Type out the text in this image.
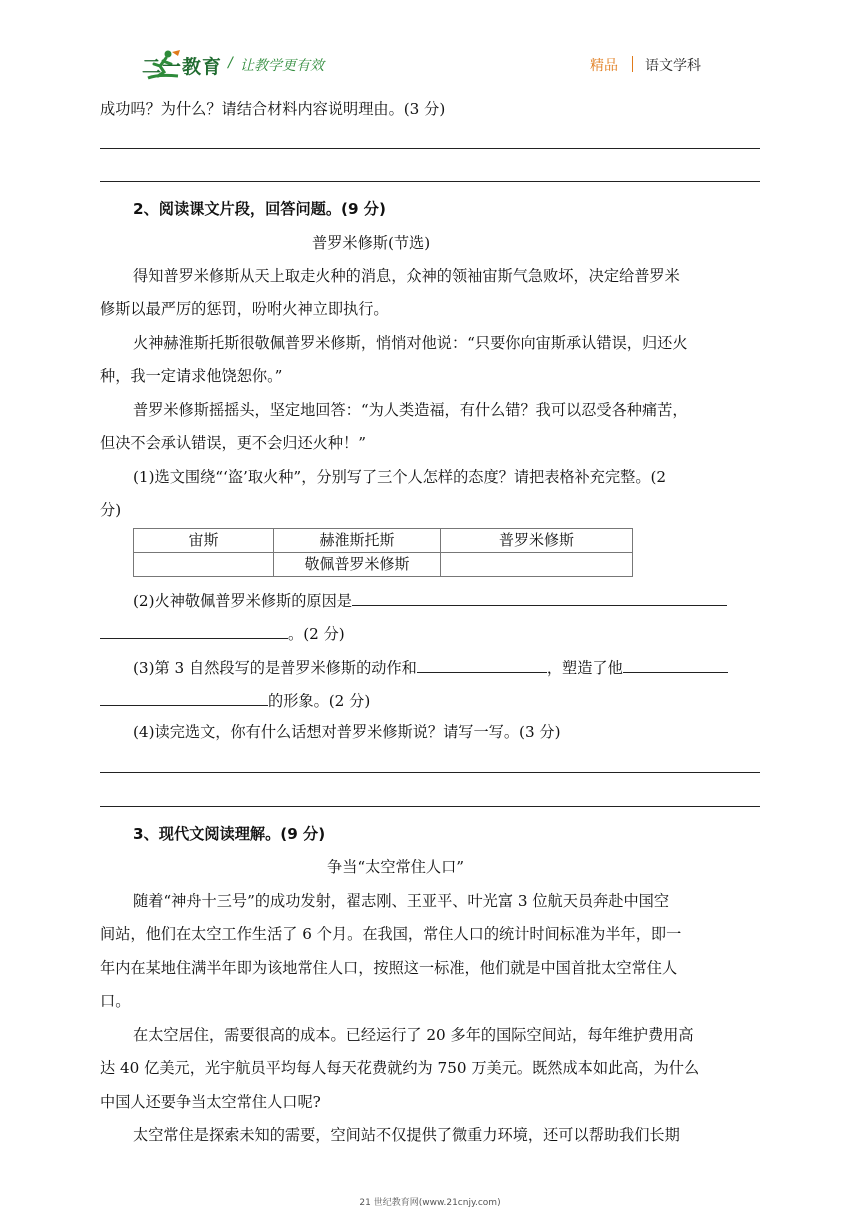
二一教育 / 让教学更有效	精品 语文学科
成功吗？为什么？请结合材料内容说明理由。(3 分)
2、阅读课文片段，回答问题。(9 分)
普罗米修斯(节选)
得知普罗米修斯从天上取走火种的消息，众神的领袖宙斯气急败坏，决定给普罗米
修斯以最严厉的惩罚，吩咐火神立即执行。
火神赫淮斯托斯很敬佩普罗米修斯，悄悄对他说：“只要你向宙斯承认错误，归还火
种，我一定请求他饶恕你。”
普罗米修斯摇摇头，坚定地回答：“为人类造福，有什么错？我可以忍受各种痛苦，
但决不会承认错误，更不会归还火种！”
(1)选文围绕“‘盗’取火种”，分别写了三个人怎样的态度？请把表格补充完整。(2
分)
宙斯	赫淮斯托斯	普罗米修斯
	敬佩普罗米修斯	
(2)火神敬佩普罗米修斯的原因是
。(2 分)
(3)第 3 自然段写的是普罗米修斯的动作和	，塑造了他
的形象。(2 分)
(4)读完选文，你有什么话想对普罗米修斯说？请写一写。(3 分)
3、现代文阅读理解。(9 分)
争当“太空常住人口”
随着“神舟十三号”的成功发射，翟志刚、王亚平、叶光富 3 位航天员奔赴中国空
间站，他们在太空工作生活了 6 个月。在我国，常住人口的统计时间标准为半年，即一
年内在某地住满半年即为该地常住人口，按照这一标准，他们就是中国首批太空常住人
口。
在太空居住，需要很高的成本。已经运行了 20 多年的国际空间站，每年维护费用高
达 40 亿美元，光宇航员平均每人每天花费就约为 750 万美元。既然成本如此高，为什么
中国人还要争当太空常住人口呢?
太空常住是探索未知的需要，空间站不仅提供了微重力环境，还可以帮助我们长期
21 世纪教育网(www.21cnjy.com)
